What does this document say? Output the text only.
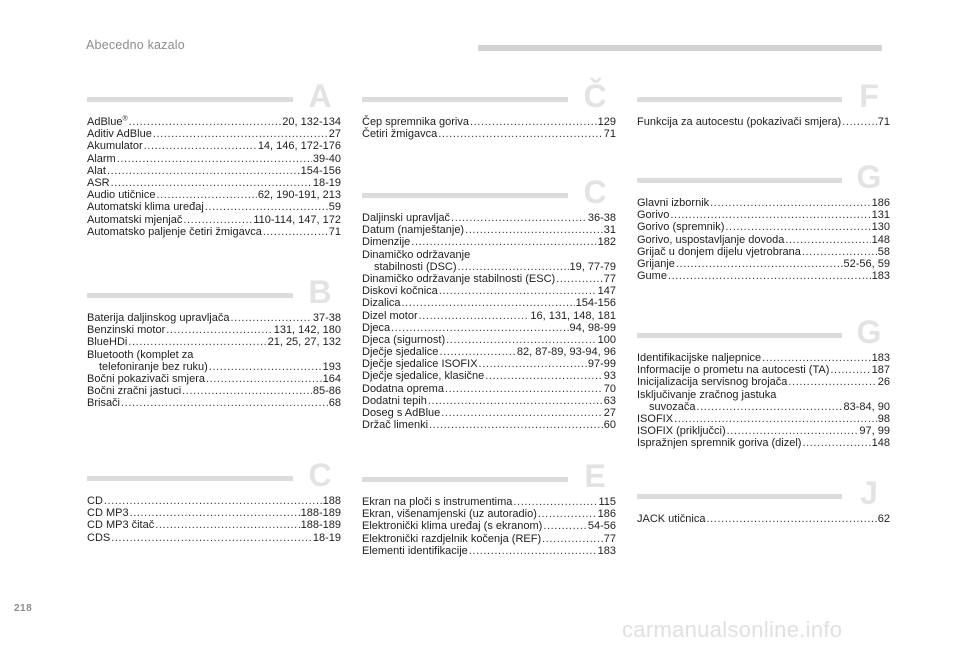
Abecedno kazalo
A
AdBlue® .....	20, 132-134
Aditiv AdBlue .....	27
Akumulator .....	14, 146, 172-176
Alarm .....	39-40
Alat .....	154-156
ASR .....	18-19
Audio utičnice .....	62, 190-191, 213
Automatski klima uređaj .....	59
Automatski mjenjač .....	110-114, 147, 172
Automatsko paljenje četiri žmigavca .....	71
B
Baterija daljinskog upravljača .....	37-38
Benzinski motor .....	131, 142, 180
BlueHDi .....	21, 25, 27, 132
Bluetooth (komplet za
telefoniranje bez ruku) .....	193
Bočni pokazivači smjera .....	164
Bočni zračni jastuci .....	85-86
Brisači .....	68
C
CD .....	188
CD MP3 .....	188-189
CD MP3 čitač .....	188-189
CDS .....	18-19
Č
Čep spremnika goriva .....	129
Četiri žmigavca .....	71
C
Daljinski upravljač .....	36-38
Datum (namještanje) .....	31
Dimenzije .....	182
Dinamičko održavanje
stabilnosti (DSC) .....	19, 77-79
Dinamičko održavanje stabilnosti (ESC) .....	77
Diskovi kočnica .....	147
Dizalica .....	154-156
Dizel motor .....	16, 131, 148, 181
Djeca .....	94, 98-99
Djeca (sigurnost) .....	100
Dječje sjedalice .....	82, 87-89, 93-94, 96
Dječje sjedalice ISOFIX .....	97-99
Dječje sjedalice, klasične .....	93
Dodatna oprema .....	70
Dodatni tepih .....	63
Doseg s AdBlue .....	27
Držač limenki .....	60
E
Ekran na ploči s instrumentima .....	115
Ekran, višenamjenski (uz autoradio) .....	186
Elektronički klima uređaj (s ekranom) .....	54-56
Elektronički razdjelnik kočenja (REF) .....	77
Elementi identifikacije .....	183
F
Funkcija za autocestu (pokazivači smjera) .....	71
G
Glavni izbornik .....	186
Gorivo .....	131
Gorivo (spremnik) .....	130
Gorivo, uspostavljanje dovoda .....	148
Grijač u donjem dijelu vjetrobrana .....	58
Grijanje .....	52-56, 59
Gume .....	183
G
Identifikacijske naljepnice .....	183
Informacije o prometu na autocesti (TA) .....	187
Inicijalizacija servisnog brojača .....	26
Isključivanje zračnog jastuka
suvozača .....	83-84, 90
ISOFIX .....	98
ISOFIX (priključci) .....	97, 99
Ispražnjen spremnik goriva (dizel) .....	148
J
JACK utičnica .....	62
218
carmanualsonline.info
